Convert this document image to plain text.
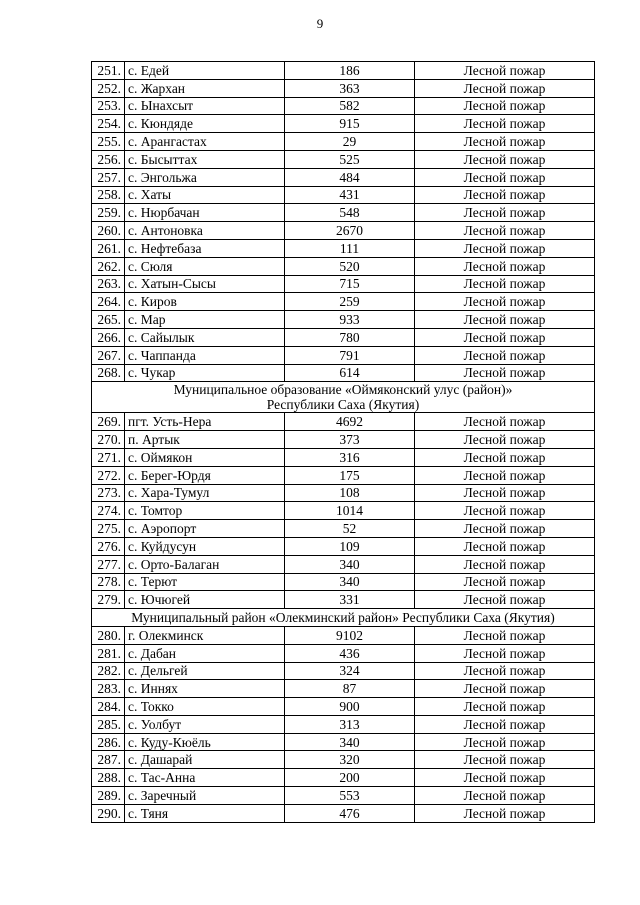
9
251.	с. Едей	186	Лесной пожар
252.	с. Жархан	363	Лесной пожар
253.	с. Ынахсыт	582	Лесной пожар
254.	с. Кюндяде	915	Лесной пожар
255.	с. Арангастах	29	Лесной пожар
256.	с. Бысыттах	525	Лесной пожар
257.	с. Энгольжа	484	Лесной пожар
258.	с. Хаты	431	Лесной пожар
259.	с. Нюрбачан	548	Лесной пожар
260.	с. Антоновка	2670	Лесной пожар
261.	с. Нефтебаза	111	Лесной пожар
262.	с. Сюля	520	Лесной пожар
263.	с. Хатын-Сысы	715	Лесной пожар
264.	с. Киров	259	Лесной пожар
265.	с. Мар	933	Лесной пожар
266.	с. Сайылык	780	Лесной пожар
267.	с. Чаппанда	791	Лесной пожар
268.	с. Чукар	614	Лесной пожар

Муниципальное образование «Оймяконский улус (район)»
Республики Саха (Якутия)			

269.	пгт. Усть-Нера	4692	Лесной пожар
270.	п. Артык	373	Лесной пожар
271.	с. Оймякон	316	Лесной пожар
272.	с. Берег-Юрдя	175	Лесной пожар
273.	с. Хара-Тумул	108	Лесной пожар
274.	с. Томтор	1014	Лесной пожар
275.	с. Аэропорт	52	Лесной пожар
276.	с. Куйдусун	109	Лесной пожар
277.	с. Орто-Балаган	340	Лесной пожар
278.	с. Терют	340	Лесной пожар
279.	с. Ючюгей	331	Лесной пожар

Муниципальный район «Олекминский район» Республики Саха (Якутия)			

280.	г. Олекминск	9102	Лесной пожар
281.	с. Дабан	436	Лесной пожар
282.	с. Дельгей	324	Лесной пожар
283.	с. Иннях	87	Лесной пожар
284.	с. Токко	900	Лесной пожар
285.	с. Уолбут	313	Лесной пожар
286.	с. Куду-Кюёль	340	Лесной пожар
287.	с. Дашарай	320	Лесной пожар
288.	с. Тас-Анна	200	Лесной пожар
289.	с. Заречный	553	Лесной пожар
290.	с. Тяня	476	Лесной пожар
